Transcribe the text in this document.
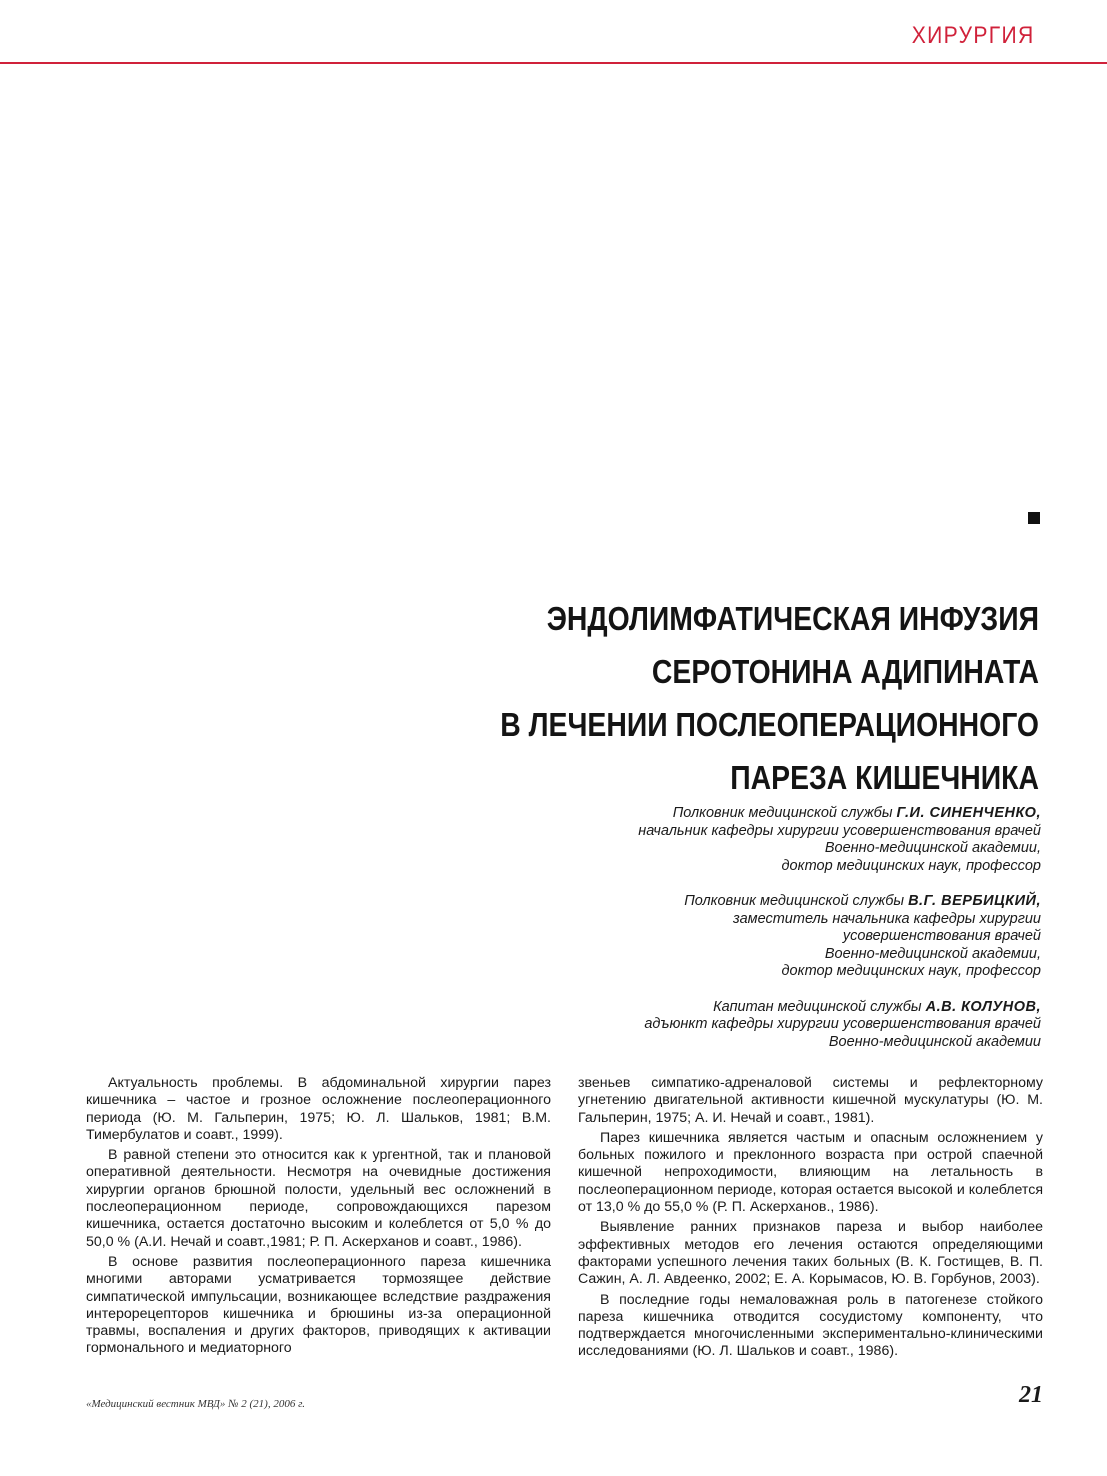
ХИРУРГИЯ
ЭНДОЛИМФАТИЧЕСКАЯ ИНФУЗИЯ
СЕРОТОНИНА АДИПИНАТА
В ЛЕЧЕНИИ ПОСЛЕОПЕРАЦИОННОГО
ПАРЕЗА КИШЕЧНИКА
Полковник медицинской службы Г.И. СИНЕНЧЕНКО,
начальник кафедры хирургии усовершенствования врачей
Военно-медицинской академии,
доктор медицинских наук, профессор
Полковник медицинской службы В.Г. ВЕРБИЦКИЙ,
заместитель начальника кафедры хирургии
усовершенствования врачей
Военно-медицинской академии,
доктор медицинских наук, профессор
Капитан медицинской службы А.В. КОЛУНОВ,
адъюнкт кафедры хирургии усовершенствования врачей
Военно-медицинской академии

Актуальность проблемы. В абдоминальной хирургии парез кишечника – частое и грозное осложнение послеоперационного периода (Ю. М. Гальперин, 1975; Ю. Л. Шальков, 1981; В.М. Тимербулатов и соавт., 1999).

В равной степени это относится как к ургентной, так и плановой оперативной деятельности. Несмотря на очевидные достижения хирургии органов брюшной полости, удельный вес осложнений в послеоперационном периоде, сопровождающихся парезом кишечника, остается достаточно высоким и колеблется от 5,0 % до 50,0 % (А.И. Нечай и соавт.,1981; Р. П. Аскерханов и соавт., 1986).

В основе развития послеоперационного пареза кишечника многими авторами усматривается тормозящее действие симпатической импульсации, возникающее вследствие раздражения интерорецепторов кишечника и брюшины из-за операционной травмы, воспаления и других факторов, приводящих к активации гормонального и медиаторного

звеньев симпатико-адреналовой системы и рефлекторному угнетению двигательной активности кишечной мускулатуры (Ю. М. Гальперин, 1975; А. И. Нечай и соавт., 1981).

Парез кишечника является частым и опасным осложнением у больных пожилого и преклонного возраста при острой спаечной кишечной непроходимости, влияющим на летальность в послеоперационном периоде, которая остается высокой и колеблется от 13,0 % до 55,0 % (Р. П. Аскерханов., 1986).

Выявление ранних признаков пареза и выбор наиболее эффективных методов его лечения остаются определяющими факторами успешного лечения таких больных (В. К. Гостищев, В. П. Сажин, А. Л. Авдеенко, 2002; Е. А. Корымасов, Ю. В. Горбунов, 2003).

В последние годы немаловажная роль в патогенезе стойкого пареза кишечника отводится сосудистому компоненту, что подтверждается многочисленными экспериментально-клиническими исследованиями (Ю. Л. Шальков и соавт., 1986).

«Медицинский вестник МВД» № 2 (21), 2006 г.	21
